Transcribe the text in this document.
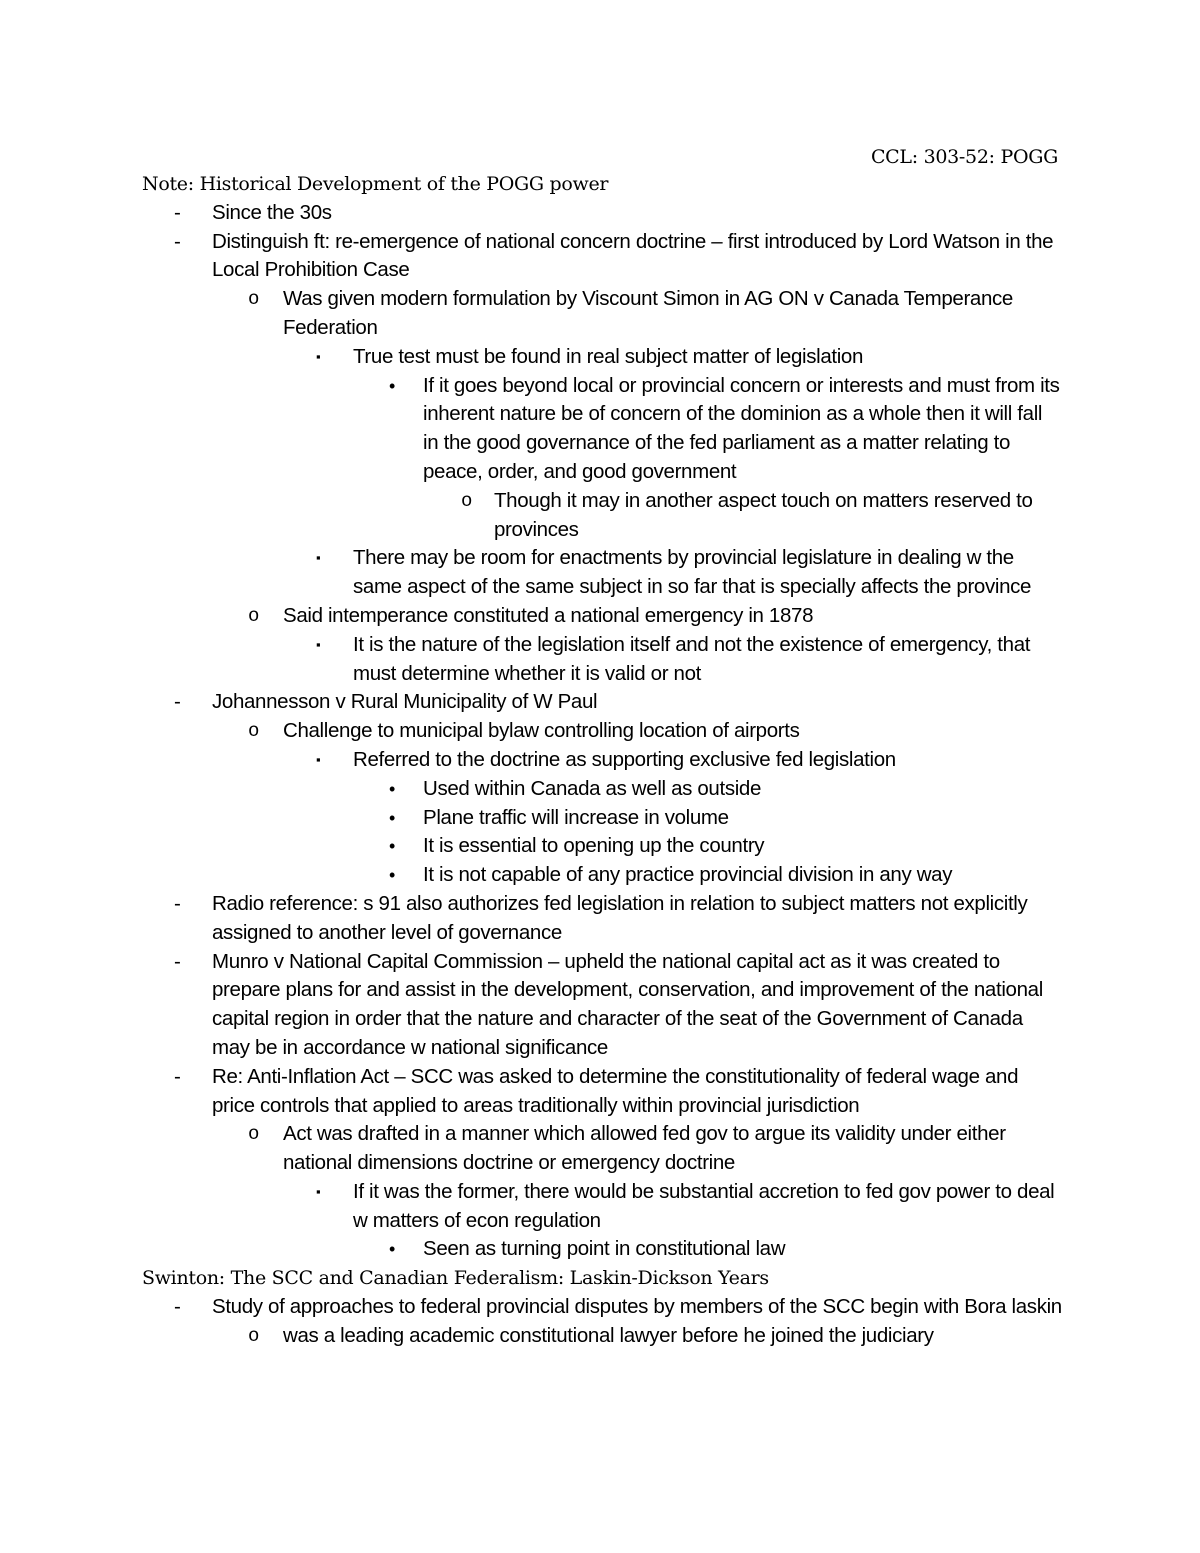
CCL: 303-52: POGG
Note: Historical Development of the POGG power
-	Since the 30s
-	Distinguish ft: re-emergence of national concern doctrine – first introduced by Lord Watson in the Local Prohibition Case
o	Was given modern formulation by Viscount Simon in AG ON v Canada Temperance Federation
▪	True test must be found in real subject matter of legislation
•	If it goes beyond local or provincial concern or interests and must from its inherent nature be of concern of the dominion as a whole then it will fall in the good governance of the fed parliament as a matter relating to peace, order, and good government
o	Though it may in another aspect touch on matters reserved to provinces
▪	There may be room for enactments by provincial legislature in dealing w the same aspect of the same subject in so far that is specially affects the province
o	Said intemperance constituted a national emergency in 1878
▪	It is the nature of the legislation itself and not the existence of emergency, that must determine whether it is valid or not
-	Johannesson v Rural Municipality of W Paul
o	Challenge to municipal bylaw controlling location of airports
▪	Referred to the doctrine as supporting exclusive fed legislation
•	Used within Canada as well as outside
•	Plane traffic will increase in volume
•	It is essential to opening up the country
•	It is not capable of any practice provincial division in any way
-	Radio reference: s 91 also authorizes fed legislation in relation to subject matters not explicitly assigned to another level of governance
-	Munro v National Capital Commission – upheld the national capital act as it was created to prepare plans for and assist in the development, conservation, and improvement of the national capital region in order that the nature and character of the seat of the Government of Canada may be in accordance w national significance
-	Re: Anti-Inflation Act – SCC was asked to determine the constitutionality of federal wage and price controls that applied to areas traditionally within provincial jurisdiction
o	Act was drafted in a manner which allowed fed gov to argue its validity under either national dimensions doctrine or emergency doctrine
▪	If it was the former, there would be substantial accretion to fed gov power to deal w matters of econ regulation
•	Seen as turning point in constitutional law
Swinton: The SCC and Canadian Federalism: Laskin-Dickson Years
-	Study of approaches to federal provincial disputes by members of the SCC begin with Bora laskin
o	was a leading academic constitutional lawyer before he joined the judiciary
